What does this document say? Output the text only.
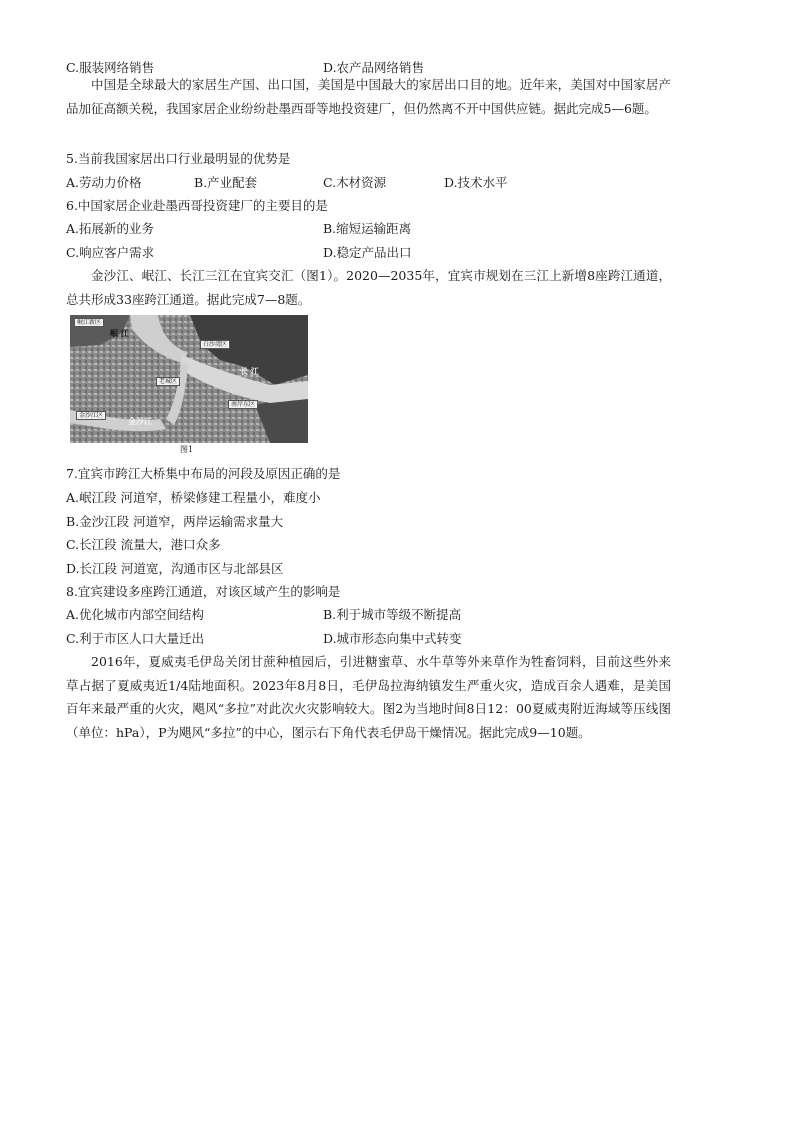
C.服装网络销售	D.农产品网络销售
中国是全球最大的家居生产国、出口国，美国是中国最大的家居出口目的地。近年来，美国对中国家居产品加征高额关税，我国家居企业纷纷赴墨西哥等地投资建厂，但仍然离不开中国供应链。据此完成5—6题。
5.当前我国家居出口行业最明显的优势是
A.劳动力价格	B.产业配套	C.木材资源	D.技术水平
6.中国家居企业赴墨西哥投资建厂的主要目的是
A.拓展新的业务	B.缩短运输距离
C.响应客户需求	D.稳定产品出口
金沙江、岷江、长江三江在宜宾交汇（图1）。2020—2035年，宜宾市规划在三江上新增8座跨江通道，总共形成33座跨江通道。据此完成7—8题。
岷江新区
岷 江
白沙湾区
老城区
长 江
南岸东区
金沙江区
金沙江
图1
7.宜宾市跨江大桥集中布局的河段及原因正确的是
A.岷江段 河道窄，桥梁修建工程量小，难度小
B.金沙江段 河道窄，两岸运输需求量大
C.长江段 流量大，港口众多
D.长江段 河道宽，沟通市区与北部县区
8.宜宾建设多座跨江通道，对该区域产生的影响是
A.优化城市内部空间结构	B.利于城市等级不断提高
C.利于市区人口大量迁出	D.城市形态向集中式转变
2016年，夏威夷毛伊岛关闭甘蔗种植园后，引进糖蜜草、水牛草等外来草作为牲畜饲料，目前这些外来草占据了夏威夷近1/4陆地面积。2023年8月8日，毛伊岛拉海纳镇发生严重火灾，造成百余人遇难，是美国百年来最严重的火灾，飓风“多拉”对此次火灾影响较大。图2为当地时间8日12：00夏威夷附近海域等压线图（单位：hPa），P为飓风“多拉”的中心，图示右下角代表毛伊岛干燥情况。据此完成9—10题。
